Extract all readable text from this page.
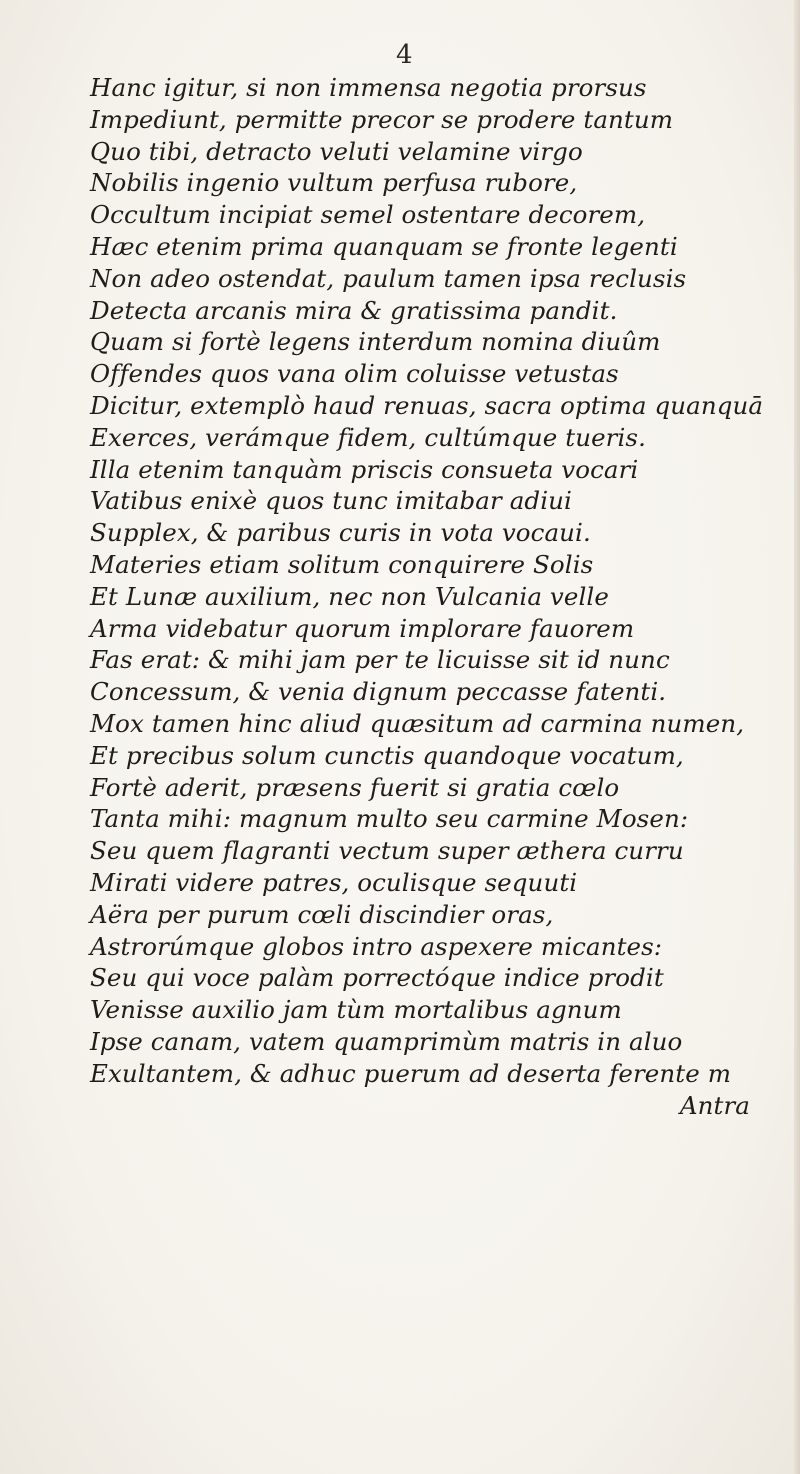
4
Hanc igitur, si non immensa negotia prorsus
Impediunt, permitte precor se prodere tantum
Quo tibi, detracto veluti velamine virgo
Nobilis ingenio vultum perfusa rubore,
Occultum incipiat semel ostentare decorem,
Hæc etenim prima quanquam se fronte legenti
Non adeo ostendat, paulum tamen ipsa reclusis
Detecta arcanis mira & gratissima pandit.
Quam si fortè legens interdum nomina diuûm
Offendes quos vana olim coluisse vetustas
Dicitur, extemplò haud renuas, sacra optima quanquā
Exerces, verámque fidem, cultúmque tueris.
Illa etenim tanquàm priscis consueta vocari
Vatibus enixè quos tunc imitabar adiui
Supplex, & paribus curis in vota vocaui.
Materies etiam solitum conquirere Solis
Et Lunæ auxilium, nec non Vulcania velle
Arma videbatur quorum implorare fauorem
Fas erat: & mihi jam per te licuisse sit id nunc
Concessum, & venia dignum peccasse fatenti.
Mox tamen hinc aliud quæsitum ad carmina numen,
Et precibus solum cunctis quandoque vocatum,
Fortè aderit, præsens fuerit si gratia cœlo
Tanta mihi: magnum multo seu carmine Mosen:
Seu quem flagranti vectum super æthera curru
Mirati videre patres, oculisque sequuti
Aëra per purum cœli discindier oras,
Astrorúmque globos intro aspexere micantes:
Seu qui voce palàm porrectóque indice prodit
Venisse auxilio jam tùm mortalibus agnum
Ipse canam, vatem quamprimùm matris in aluo
Exultantem, & adhuc puerum ad deserta ferente m
Antra
